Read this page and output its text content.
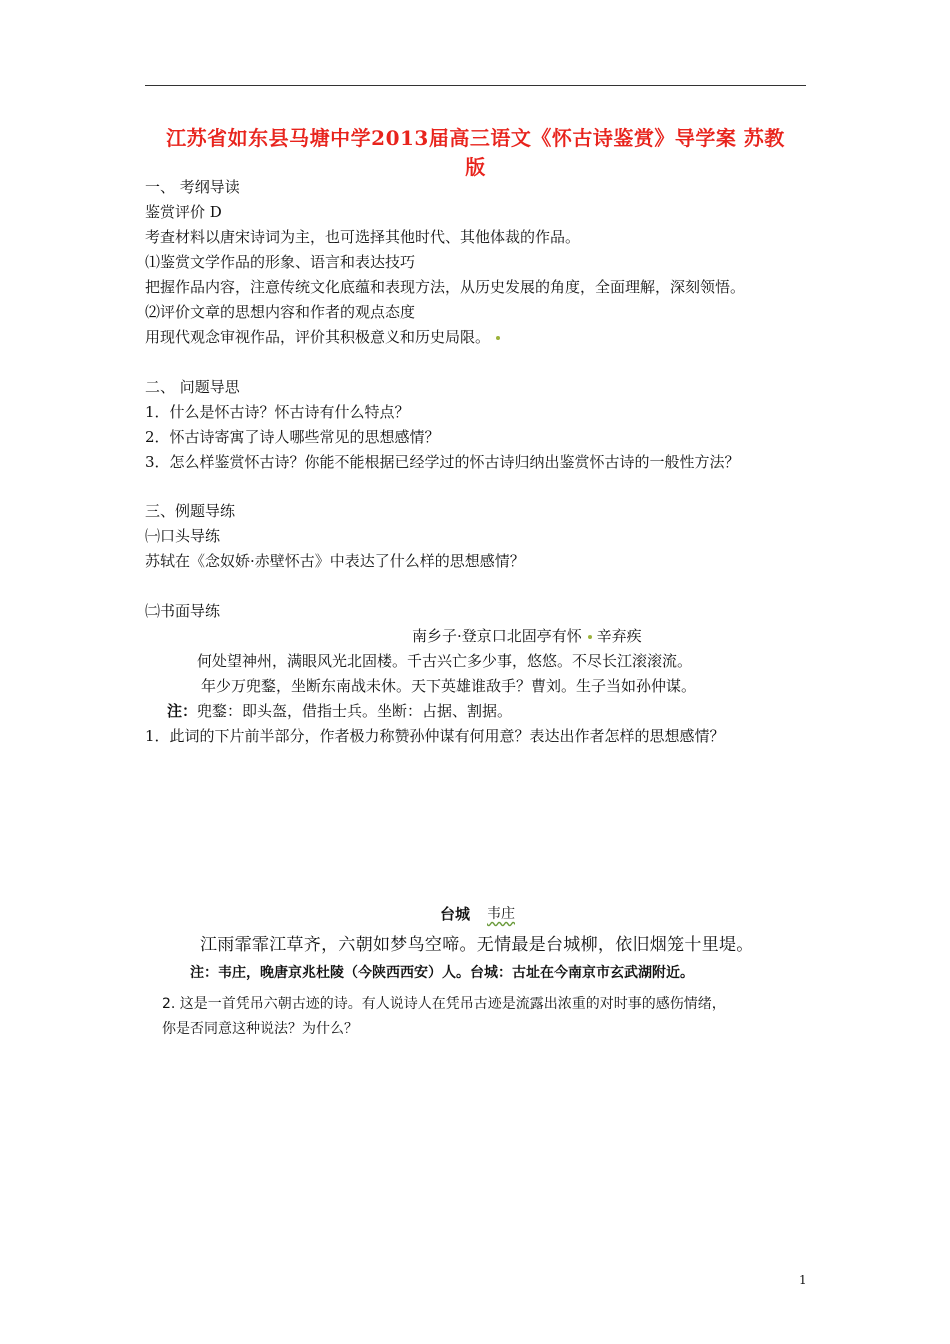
江苏省如东县马塘中学2013届高三语文《怀古诗鉴赏》导学案 苏教
版
一、 考纲导读
鉴赏评价 D
考查材料以唐宋诗词为主，也可选择其他时代、其他体裁的作品。
⑴鉴赏文学作品的形象、语言和表达技巧
把握作品内容，注意传统文化底蕴和表现方法，从历史发展的角度，全面理解，深刻领悟。
⑵评价文章的思想内容和作者的观点态度
用现代观念审视作品，评价其积极意义和历史局限。
二、 问题导思
1．什么是怀古诗？怀古诗有什么特点？
2．怀古诗寄寓了诗人哪些常见的思想感情？
3．怎么样鉴赏怀古诗？你能不能根据已经学过的怀古诗归纳出鉴赏怀古诗的一般性方法？
三、例题导练
㈠口头导练
苏轼在《念奴娇·赤壁怀古》中表达了什么样的思想感情？
㈡书面导练
南乡子·登京口北固亭有怀 辛弃疾
何处望神州，满眼风光北固楼。千古兴亡多少事，悠悠。不尽长江滚滚流。
年少万兜鍪，坐断东南战未休。天下英雄谁敌手？曹刘。生子当如孙仲谋。
注：兜鍪：即头盔，借指士兵。坐断：占据、割据。
1．此词的下片前半部分，作者极力称赞孙仲谋有何用意？表达出作者怎样的思想感情？
台城 韦庄
江雨霏霏江草齐，六朝如梦鸟空啼。无情最是台城柳，依旧烟笼十里堤。
注：韦庄，晚唐京兆杜陵（今陕西西安）人。台城：古址在今南京市玄武湖附近。
2. 这是一首凭吊六朝古迹的诗。有人说诗人在凭吊古迹是流露出浓重的对时事的感伤情绪，
你是否同意这种说法？为什么？
1
